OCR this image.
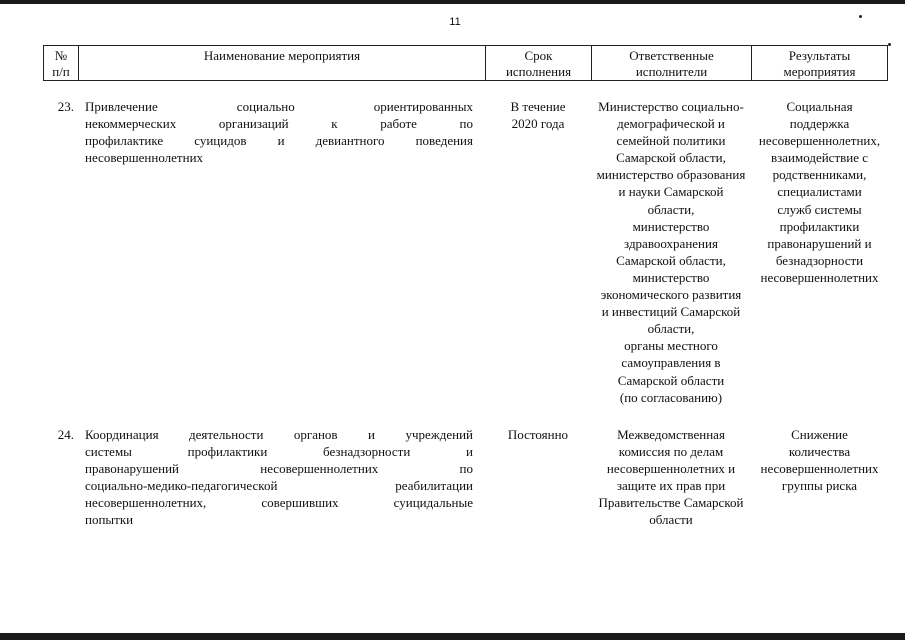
11
№
п/п
Наименование мероприятия	Срок
исполнения
Ответственные
исполнители
Результаты
мероприятия
23. Привлечение социально ориентированных
некоммерческих организаций к работе по
профилактике суицидов и девиантного поведения
несовершеннолетних
В течение
2020 года
Министерство социально-
демографической и
семейной политики
Самарской области,
министерство образования
и науки Самарской
области,
министерство
здравоохранения
Самарской области,
министерство
экономического развития
и инвестиций Самарской
области,
органы местного
самоуправления в
Самарской области
(по согласованию)
Социальная
поддержка
несовершеннолетних,
взаимодействие с
родственниками,
специалистами
служб системы
профилактики
правонарушений и
безнадзорности
несовершеннолетних
24. Координация деятельности органов и учреждений
системы профилактики безнадзорности и
правонарушений несовершеннолетних по
социально-медико-педагогической реабилитации
несовершеннолетних, совершивших суицидальные
попытки
Постоянно	Межведомственная
комиссия по делам
несовершеннолетних и
защите их прав при
Правительстве Самарской
области
Снижение
количества
несовершеннолетних
группы риска
